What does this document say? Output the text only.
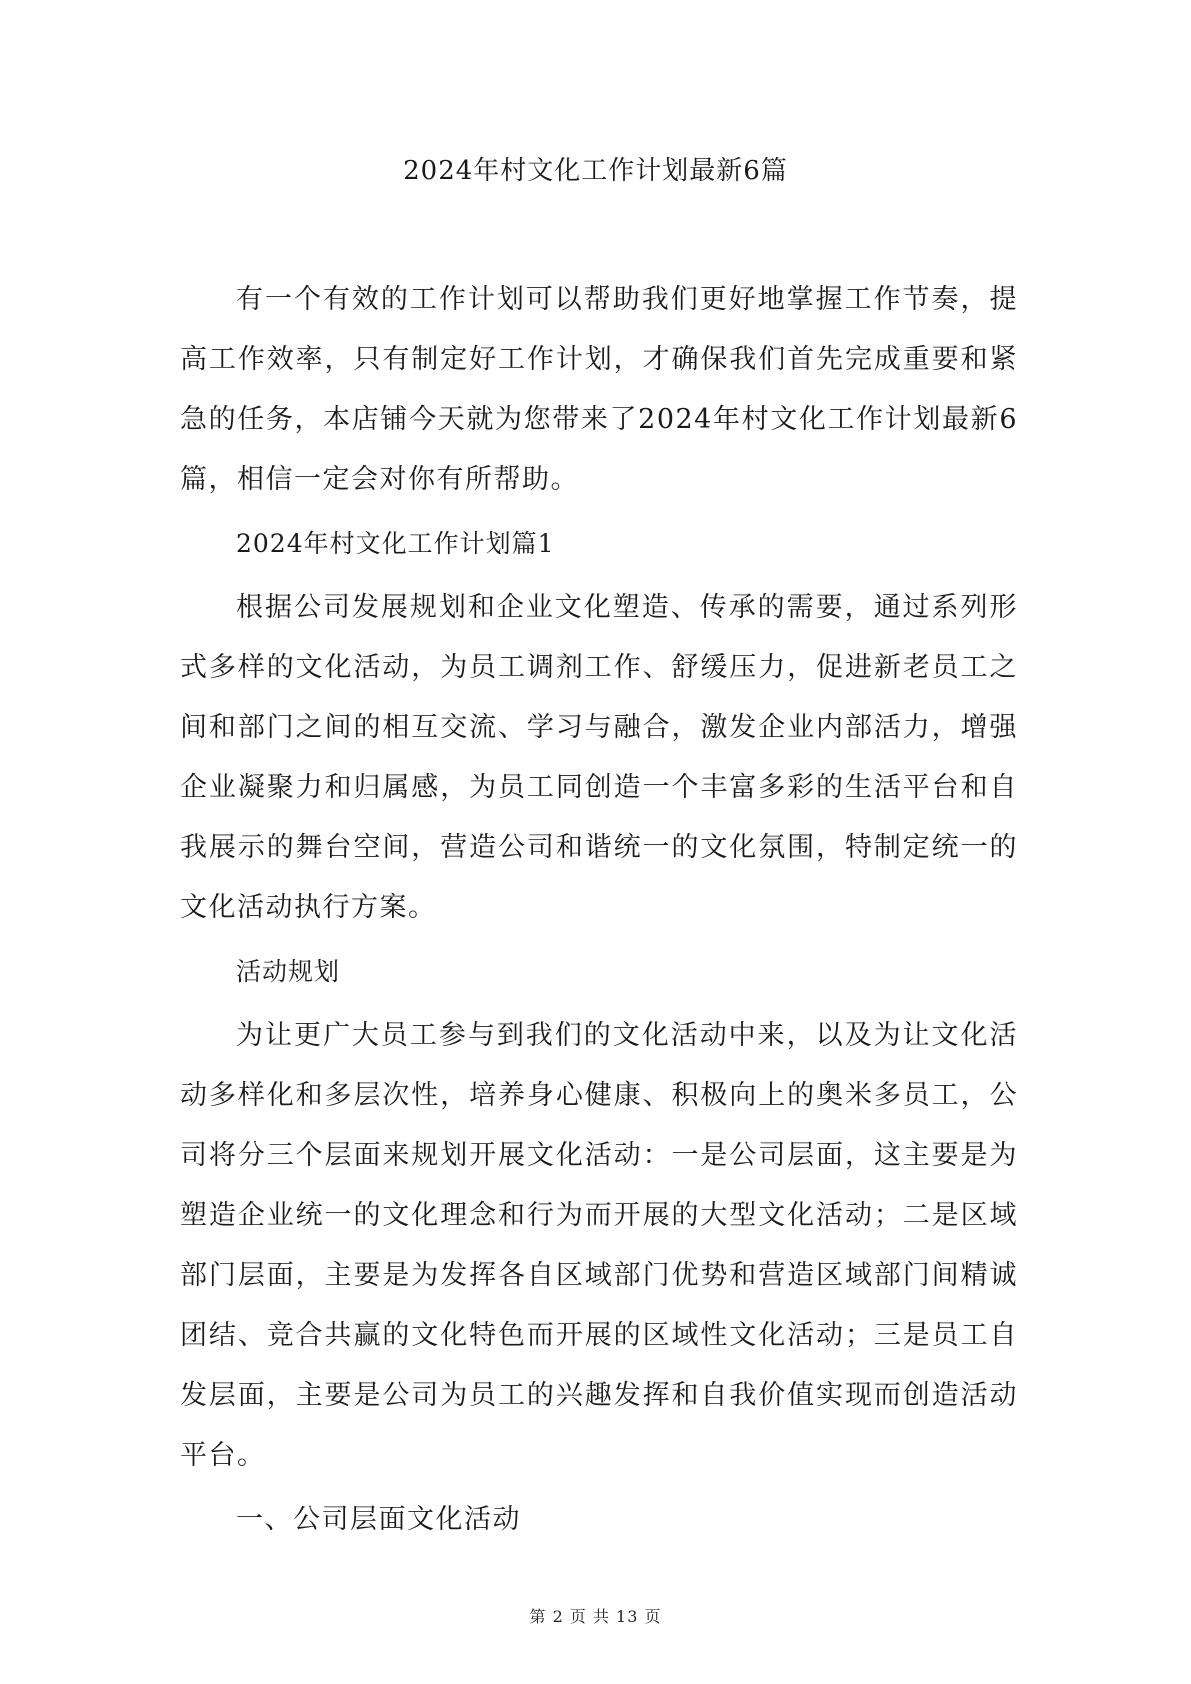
2024年村文化工作计划最新6篇

有一个有效的工作计划可以帮助我们更好地掌握工作节奏，提高工作效率，只有制定好工作计划，才确保我们首先完成重要和紧急的任务，本店铺今天就为您带来了2024年村文化工作计划最新6篇，相信一定会对你有所帮助。

2024年村文化工作计划篇1

根据公司发展规划和企业文化塑造、传承的需要，通过系列形式多样的文化活动，为员工调剂工作、舒缓压力，促进新老员工之间和部门之间的相互交流、学习与融合，激发企业内部活力，增强企业凝聚力和归属感，为员工同创造一个丰富多彩的生活平台和自我展示的舞台空间，营造公司和谐统一的文化氛围，特制定统一的文化活动执行方案。

活动规划

为让更广大员工参与到我们的文化活动中来，以及为让文化活动多样化和多层次性，培养身心健康、积极向上的奥米多员工，公司将分三个层面来规划开展文化活动：一是公司层面，这主要是为塑造企业统一的文化理念和行为而开展的大型文化活动；二是区域部门层面，主要是为发挥各自区域部门优势和营造区域部门间精诚团结、竞合共赢的文化特色而开展的区域性文化活动；三是员工自发层面，主要是公司为员工的兴趣发挥和自我价值实现而创造活动平台。

一、公司层面文化活动

第 2 页 共 13 页
